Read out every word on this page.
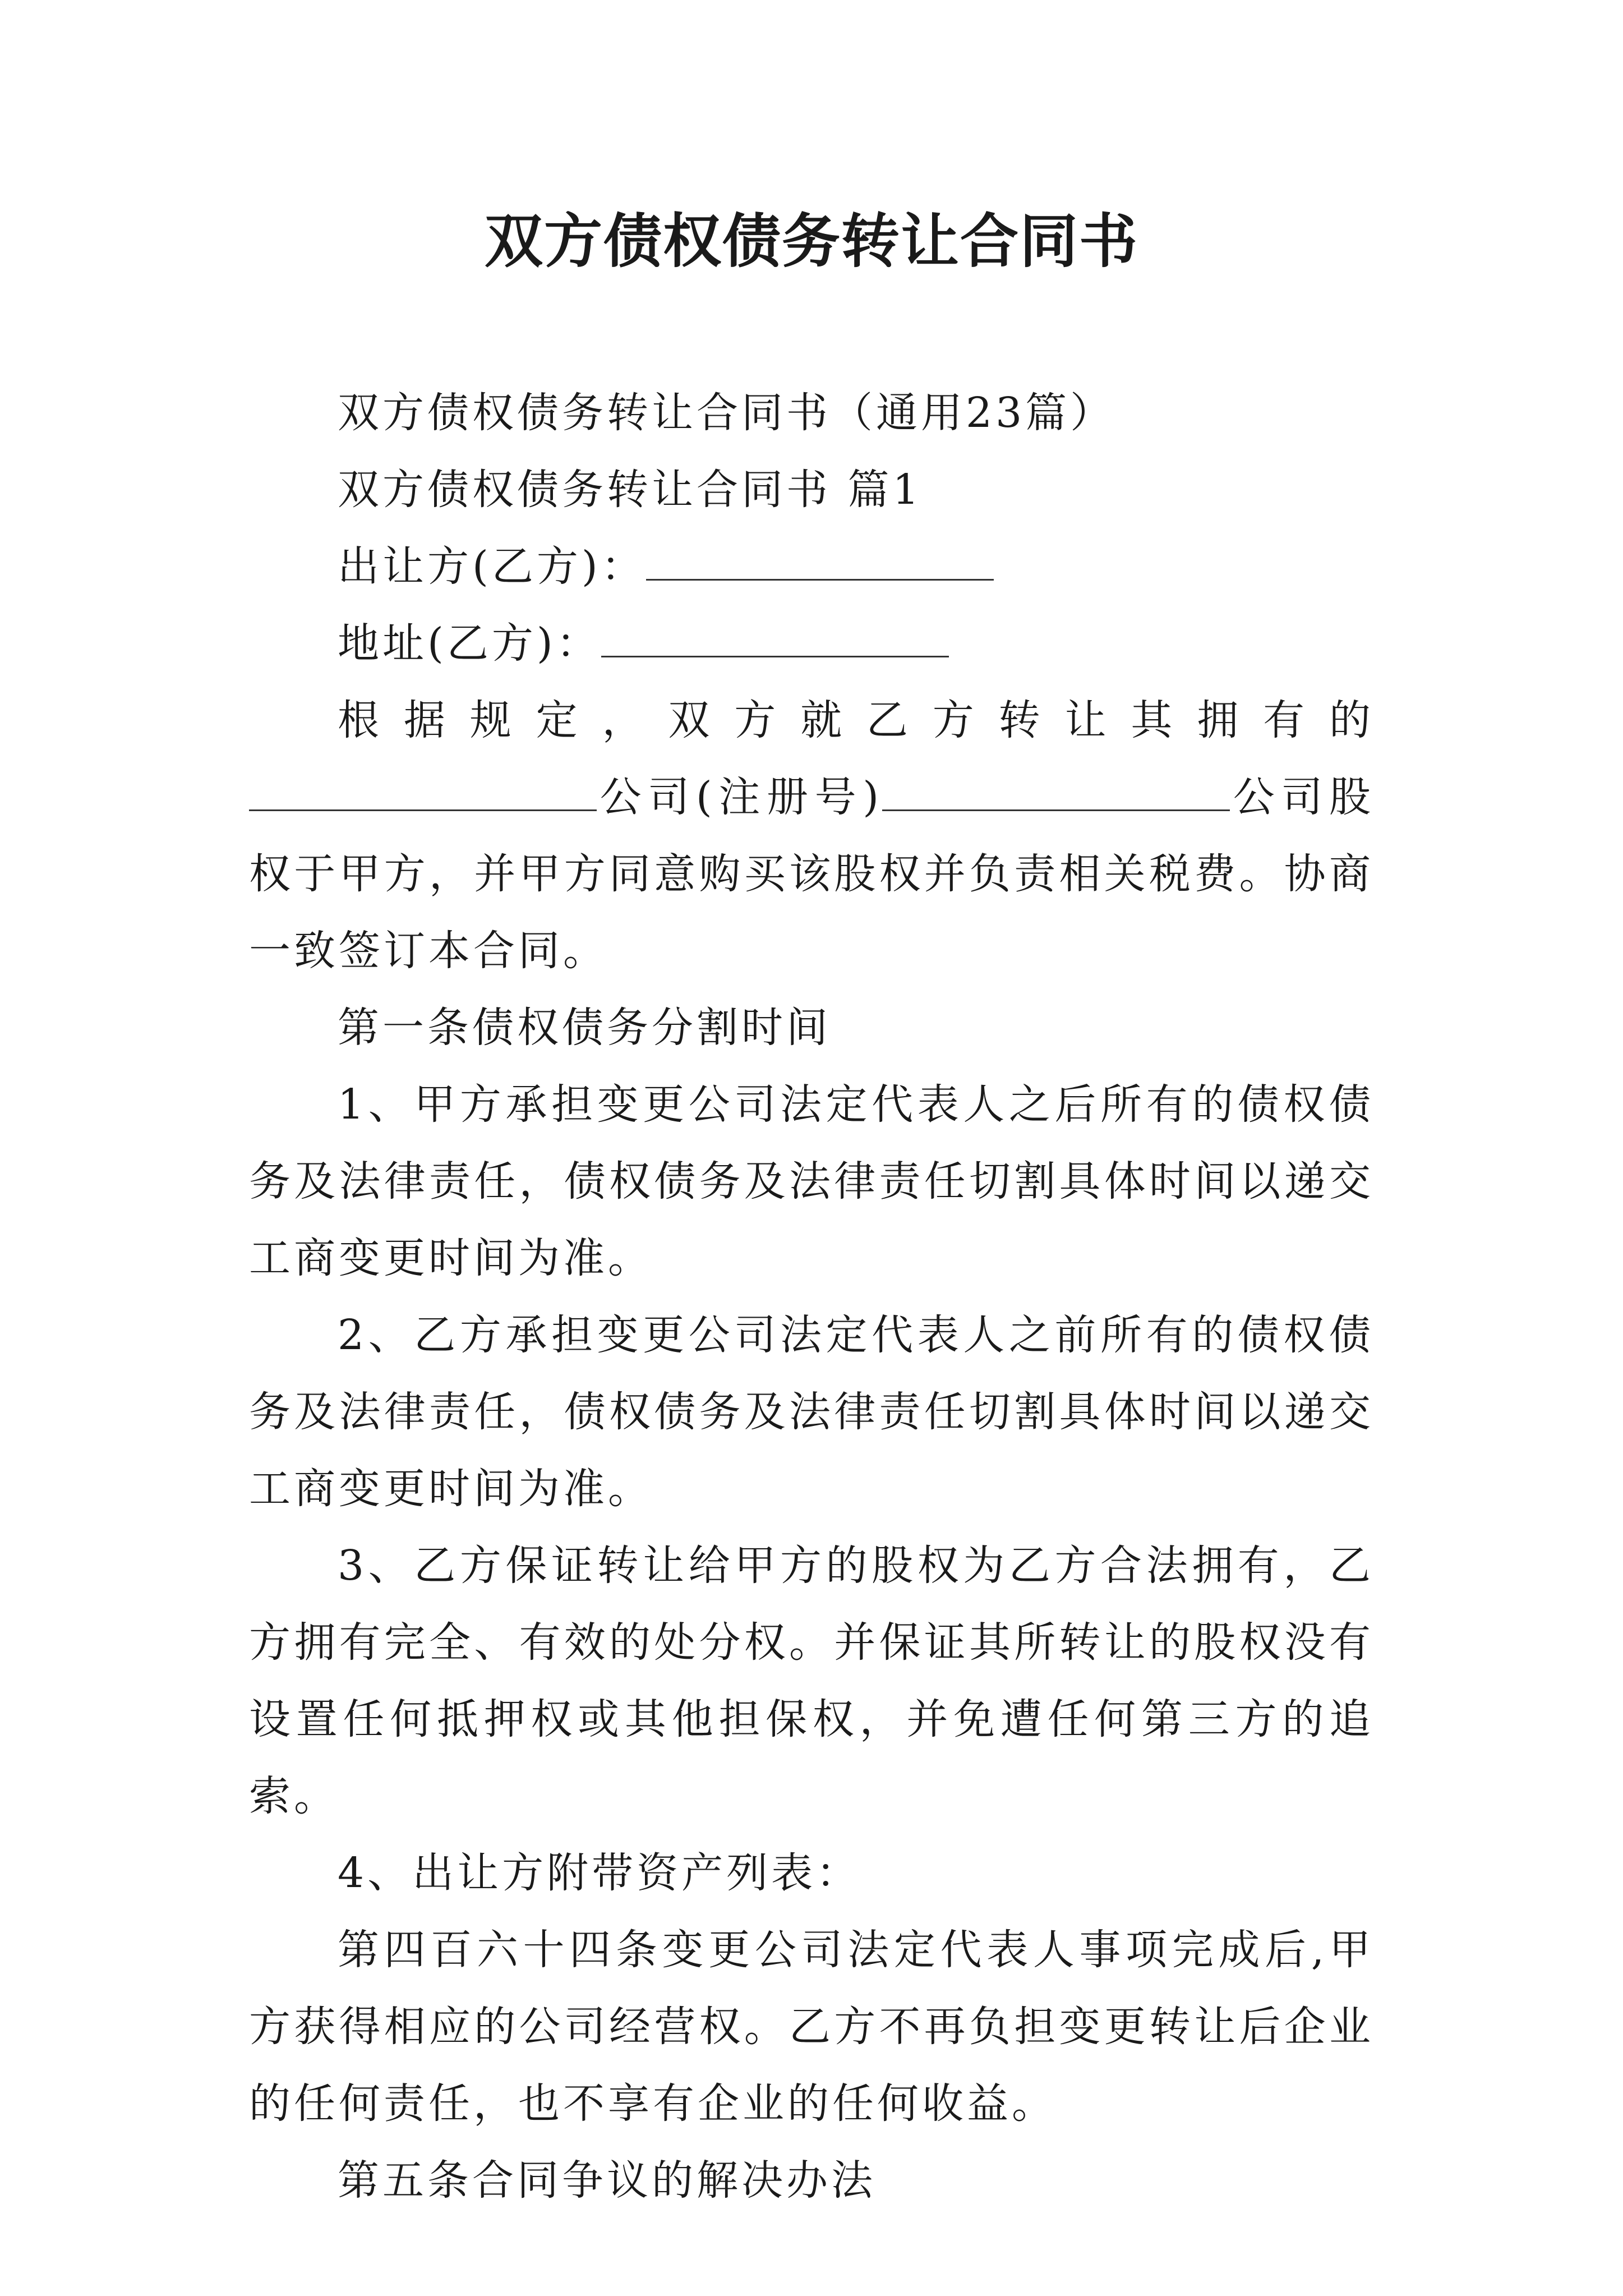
双方债权债务转让合同书

双方债权债务转让合同书（通用23篇）

双方债权债务转让合同书 篇1

出让方(乙方)：

地址(乙方)：

根据规定，双方就乙方转让其拥有的公司(注册号)	公司股权于甲方，并甲方同意购买该股权并负责相关税费。协商一致签订本合同。

第一条债权债务分割时间

1、甲方承担变更公司法定代表人之后所有的债权债务及法律责任，债权债务及法律责任切割具体时间以递交工商变更时间为准。

2、乙方承担变更公司法定代表人之前所有的债权债务及法律责任，债权债务及法律责任切割具体时间以递交工商变更时间为准。

3、乙方保证转让给甲方的股权为乙方合法拥有，乙方拥有完全、有效的处分权。并保证其所转让的股权没有设置任何抵押权或其他担保权，并免遭任何第三方的追索。

4、出让方附带资产列表：

第四百六十四条变更公司法定代表人事项完成后,甲方获得相应的公司经营权。乙方不再负担变更转让后企业的任何责任，也不享有企业的任何收益。

第五条合同争议的解决办法
